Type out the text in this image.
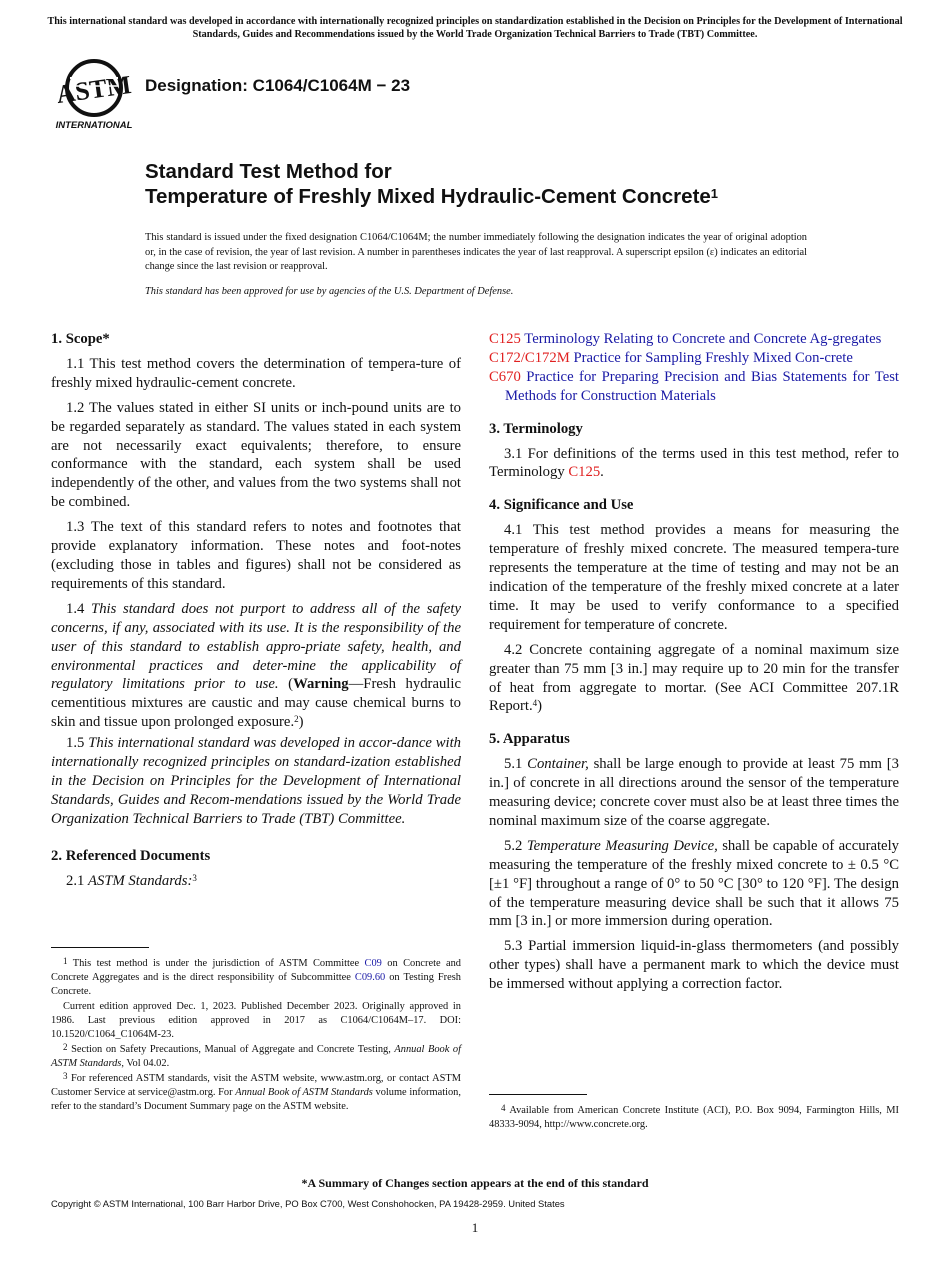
This international standard was developed in accordance with internationally recognized principles on standardization established in the Decision on Principles for the Development of International Standards, Guides and Recommendations issued by the World Trade Organization Technical Barriers to Trade (TBT) Committee.
ASTM
INTERNATIONAL
Designation: C1064/C1064M − 23
Standard Test Method for
Temperature of Freshly Mixed Hydraulic-Cement Concrete$^1$
This standard is issued under the fixed designation C1064/C1064M; the number immediately following the designation indicates the year of original adoption or, in the case of revision, the year of last revision. A number in parentheses indicates the year of last reapproval. A superscript epsilon (ε) indicates an editorial change since the last revision or reapproval.
This standard has been approved for use by agencies of the U.S. Department of Defense.
1. Scope*

1.1 This test method covers the determination of tempera-ture of freshly mixed hydraulic-cement concrete.

1.2 The values stated in either SI units or inch-pound units are to be regarded separately as standard. The values stated in each system are not necessarily exact equivalents; therefore, to ensure conformance with the standard, each system shall be used independently of the other, and values from the two systems shall not be combined.

1.3 The text of this standard refers to notes and footnotes that provide explanatory information. These notes and foot-notes (excluding those in tables and figures) shall not be considered as requirements of this standard.

1.4 This standard does not purport to address all of the safety concerns, if any, associated with its use. It is the responsibility of the user of this standard to establish appro-priate safety, health, and environmental practices and deter-mine the applicability of regulatory limitations prior to use. (Warning—Fresh hydraulic cementitious mixtures are caustic and may cause chemical burns to skin and tissue upon prolonged exposure.$^2$)

1.5 This international standard was developed in accor-dance with internationally recognized principles on standard-ization established in the Decision on Principles for the Development of International Standards, Guides and Recom-mendations issued by the World Trade Organization Technical Barriers to Trade (TBT) Committee.

2. Referenced Documents

2.1 ASTM Standards:$^3$

$^1$ This test method is under the jurisdiction of ASTM Committee C09 on Concrete and Concrete Aggregates and is the direct responsibility of Subcommittee C09.60 on Testing Fresh Concrete.

Current edition approved Dec. 1, 2023. Published December 2023. Originally approved in 1986. Last previous edition approved in 2017 as C1064/C1064M–17. DOI: 10.1520/C1064_C1064M-23.

$^2$ Section on Safety Precautions, Manual of Aggregate and Concrete Testing, Annual Book of ASTM Standards, Vol 04.02.

$^3$ For referenced ASTM standards, visit the ASTM website, www.astm.org, or contact ASTM Customer Service at service@astm.org. For Annual Book of ASTM Standards volume information, refer to the standard’s Document Summary page on the ASTM website.

C125 Terminology Relating to Concrete and Concrete Ag-gregates
C172/C172M Practice for Sampling Freshly Mixed Con-crete
C670 Practice for Preparing Precision and Bias Statements for Test Methods for Construction Materials
3. Terminology

3.1 For definitions of the terms used in this test method, refer to Terminology C125.

4. Significance and Use

4.1 This test method provides a means for measuring the temperature of freshly mixed concrete. The measured tempera-ture represents the temperature at the time of testing and may not be an indication of the temperature of the freshly mixed concrete at a later time. It may be used to verify conformance to a specified requirement for temperature of concrete.

4.2 Concrete containing aggregate of a nominal maximum size greater than 75 mm [3 in.] may require up to 20 min for the transfer of heat from aggregate to mortar. (See ACI Committee 207.1R Report.$^4$)

5. Apparatus

5.1 Container, shall be large enough to provide at least 75 mm [3 in.] of concrete in all directions around the sensor of the temperature measuring device; concrete cover must also be at least three times the nominal maximum size of the coarse aggregate.

5.2 Temperature Measuring Device, shall be capable of accurately measuring the temperature of the freshly mixed concrete to ± 0.5 °C [±1 °F] throughout a range of 0° to 50 °C [30° to 120 °F]. The design of the temperature measuring device shall be such that it allows 75 mm [3 in.] or more immersion during operation.

5.3 Partial immersion liquid-in-glass thermometers (and possibly other types) shall have a permanent mark to which the device must be immersed without applying a correction factor.

$^4$ Available from American Concrete Institute (ACI), P.O. Box 9094, Farmington Hills, MI 48333-9094, http://www.concrete.org.

*A Summary of Changes section appears at the end of this standard
Copyright © ASTM International, 100 Barr Harbor Drive, PO Box C700, West Conshohocken, PA 19428-2959. United States
1
